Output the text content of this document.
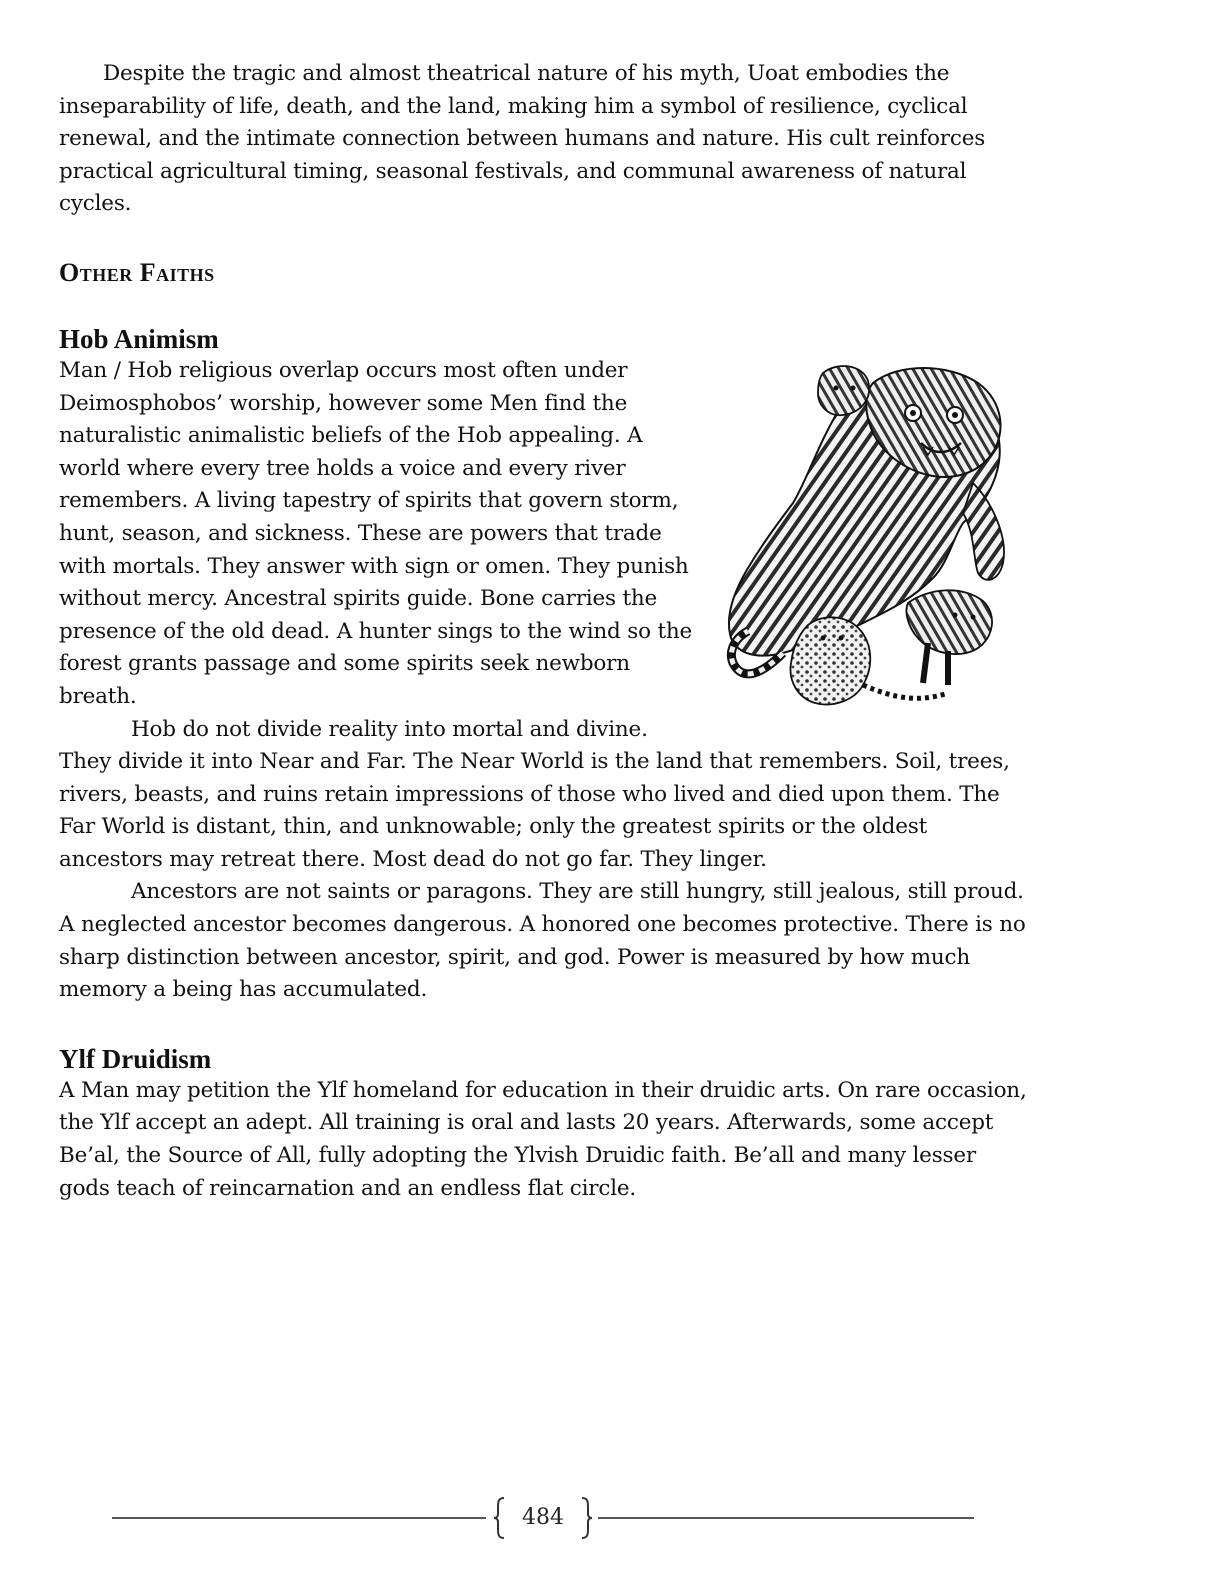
Despite the tragic and almost theatrical nature of his myth, Uoat embodies the inseparability of life, death, and the land, making him a symbol of resilience, cyclical renewal, and the intimate connection between humans and nature. His cult reinforces practical agricultural timing, seasonal festivals, and communal awareness of natural cycles.

Other Faiths
Hob Animism

Man / Hob religious overlap occurs most often under Deimosphobos’ worship, however some Men find the naturalistic animalistic beliefs of the Hob appealing. A world where every tree holds a voice and every river remembers. A living tapestry of spirits that govern storm, hunt, season, and sickness. These are powers that trade with mortals. They answer with sign or omen. They punish without mercy. Ancestral spirits guide. Bone carries the presence of the old dead. A hunter sings to the wind so the forest grants passage and some spirits seek newborn breath.

Hob do not divide reality into mortal and divine. They divide it into Near and Far. The Near World is the land that remembers. Soil, trees, rivers, beasts, and ruins retain impressions of those who lived and died upon them. The Far World is distant, thin, and unknowable; only the greatest spirits or the oldest ancestors may retreat there. Most dead do not go far. They linger.

Ancestors are not saints or paragons. They are still hungry, still jealous, still proud. A neglected ancestor becomes dangerous. A honored one becomes protective. There is no sharp distinction between ancestor, spirit, and god. Power is measured by how much memory a being has accumulated.

Ylf Druidism

A Man may petition the Ylf homeland for education in their druidic arts. On rare occasion, the Ylf accept an adept. All training is oral and lasts 20 years. Afterwards, some accept Be’al, the Source of All, fully adopting the Ylvish Druidic faith. Be’all and many lesser gods teach of reincarnation and an endless flat circle.

484
